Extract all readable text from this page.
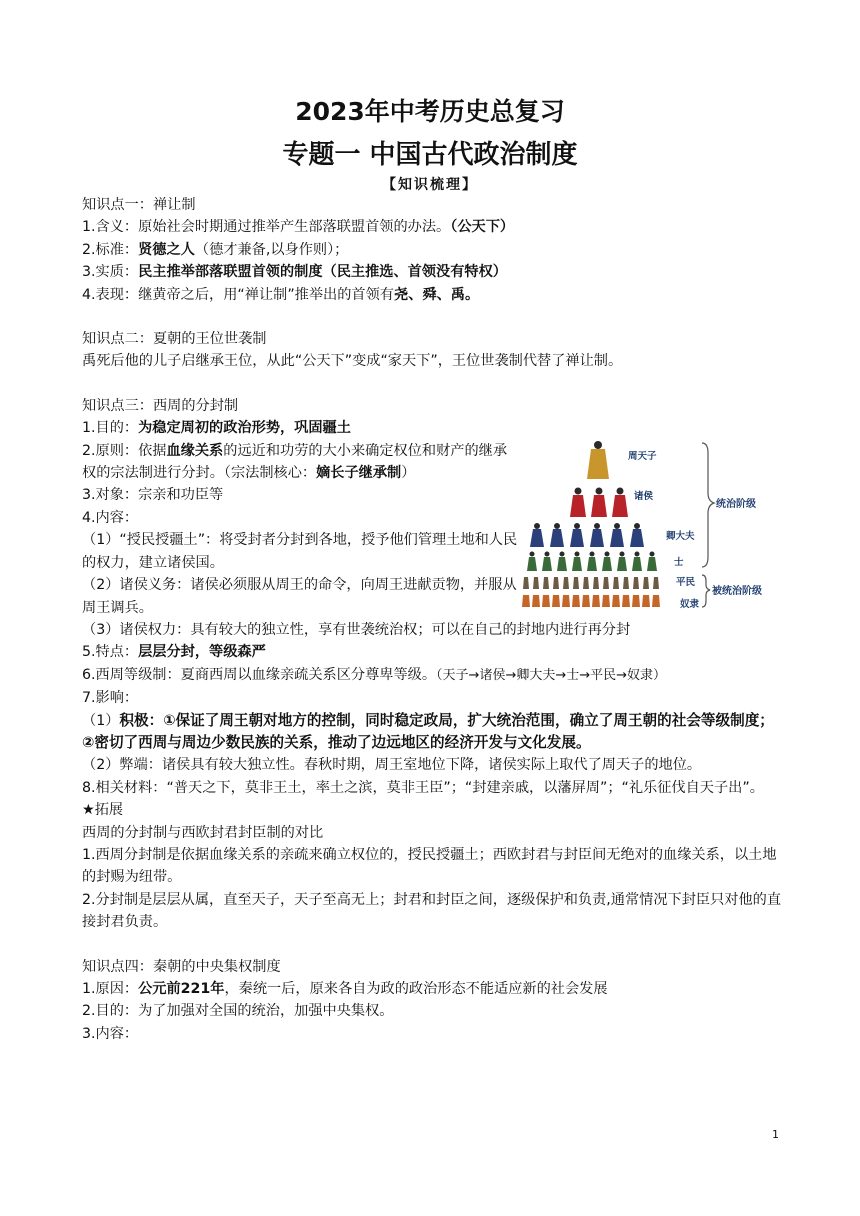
2023年中考历史总复习
专题一 中国古代政治制度
【知识梳理】

知识点一：禅让制

1.含义：原始社会时期通过推举产生部落联盟首领的办法。（公天下）

2.标准：贤德之人（德才兼备,以身作则）；

3.实质：民主推举部落联盟首领的制度（民主推选、首领没有特权）

4.表现：继黄帝之后，用“禅让制”推举出的首领有尧、舜、禹。

知识点二：夏朝的王位世袭制

禹死后他的儿子启继承王位，从此“公天下”变成“家天下”，王位世袭制代替了禅让制。

知识点三：西周的分封制

1.目的：为稳定周初的政治形势，巩固疆土

2.原则：依据血缘关系的远近和功劳的大小来确定权位和财产的继承权的宗法制进行分封。（宗法制核心：嫡长子继承制）

3.对象：宗亲和功臣等

4.内容：

（1）“授民授疆土”：将受封者分封到各地，授予他们管理土地和人民的权力，建立诸侯国。

（2）诸侯义务：诸侯必须服从周王的命令，向周王进献贡物，并服从周王调兵。

（3）诸侯权力：具有较大的独立性，享有世袭统治权；可以在自己的封地内进行再分封

5.特点：层层分封，等级森严

6.西周等级制：夏商西周以血缘亲疏关系区分尊卑等级。（天子→诸侯→卿大夫→士→平民→奴隶）

7.影响：

（1）积极：①保证了周王朝对地方的控制，同时稳定政局，扩大统治范围，确立了周王朝的社会等级制度；②密切了西周与周边少数民族的关系，推动了边远地区的经济开发与文化发展。

（2）弊端：诸侯具有较大独立性。春秋时期，周王室地位下降，诸侯实际上取代了周天子的地位。

8.相关材料：“普天之下，莫非王土，率土之滨，莫非王臣”；“封建亲戚，以藩屏周”；“礼乐征伐自天子出”。

★拓展

西周的分封制与西欧封君封臣制的对比

1.西周分封制是依据血缘关系的亲疏来确立权位的，授民授疆土；西欧封君与封臣间无绝对的血缘关系，以土地的封赐为纽带。

2.分封制是层层从属，直至天子，天子至高无上；封君和封臣之间，逐级保护和负责,通常情况下封臣只对他的直接封君负责。

知识点四：秦朝的中央集权制度

1.原因：公元前221年，秦统一后，原来各自为政的政治形态不能适应新的社会发展

2.目的：为了加强对全国的统治，加强中央集权。

3.内容：

周天子
诸侯
卿大夫
士
平民
奴隶
统治阶级
被统治阶级
1
